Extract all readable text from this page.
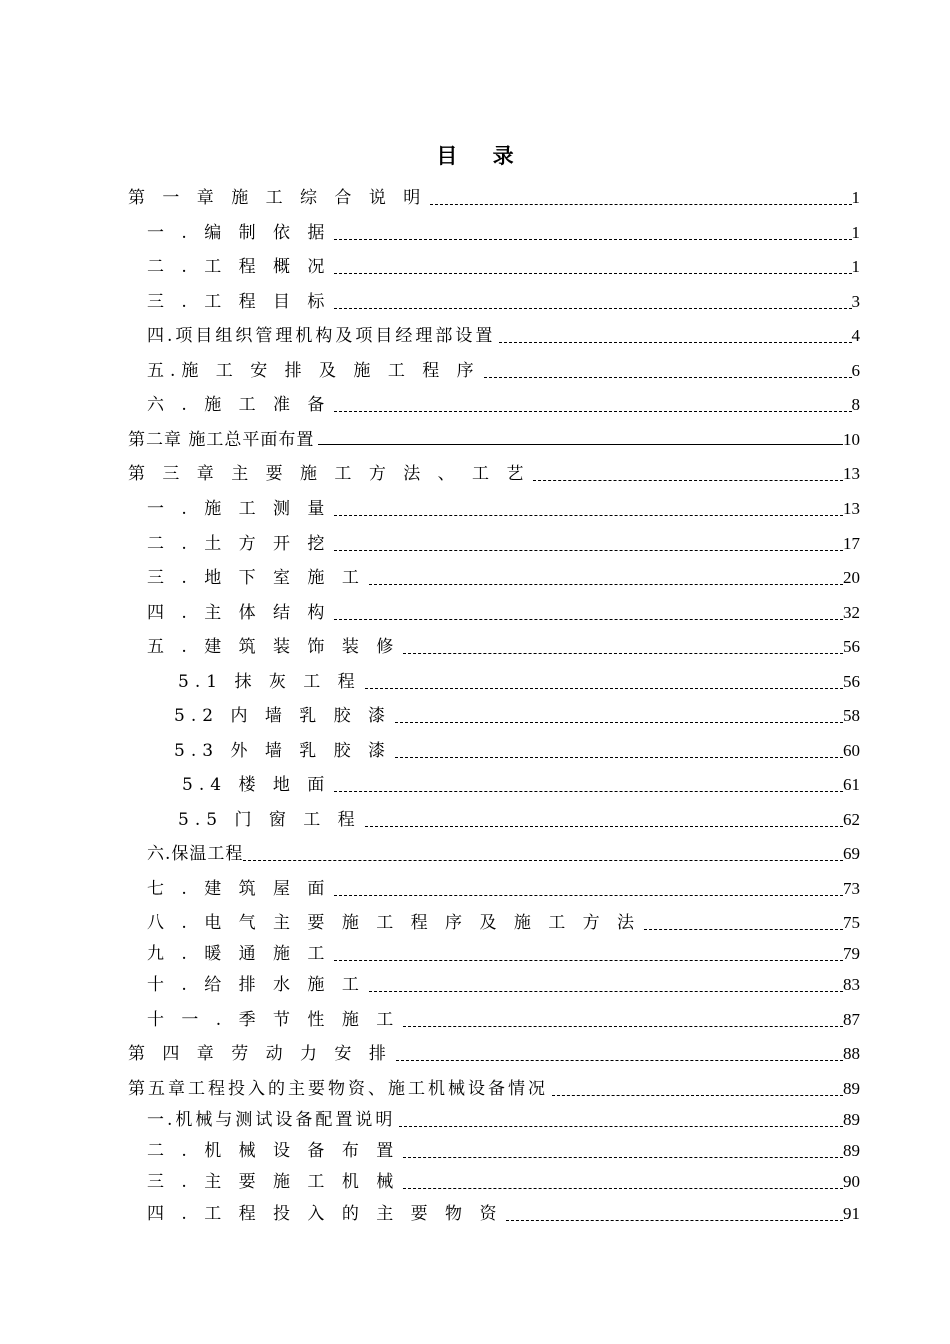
目 录
第 一 章 施 工 综 合 说 明	1
一 . 编 制 依 据	1
二 . 工 程 概 况	1
三 . 工 程 目 标	3
四.项目组织管理机构及项目经理部设置	4
五.施 工 安 排 及 施 工 程 序	6
六 . 施 工 准 备	8
第二章 施工总平面布置	10
第 三 章 主 要 施 工 方 法 、 工 艺	13
一 . 施 工 测 量	13
二 . 土 方 开 挖	17
三 . 地 下 室 施 工	20
四 . 主 体 结 构	32
五 . 建 筑 装 饰 装 修	56
5.1 抹 灰 工 程	56
5.2 内 墙 乳 胶 漆	58
5.3 外 墙 乳 胶 漆	60
5.4 楼 地 面	61
5.5 门 窗 工 程	62
六.保温工程	69
七 . 建 筑 屋 面	73
八 . 电 气 主 要 施 工 程 序 及 施 工 方 法	75
九 . 暖 通 施 工	79
十 . 给 排 水 施 工	83
十 一 . 季 节 性 施 工	87
第 四 章 劳 动 力 安 排	88
第五章工程投入的主要物资、施工机械设备情况	89
一.机械与测试设备配置说明	89
二 . 机 械 设 备 布 置	89
三 . 主 要 施 工 机 械	90
四 . 工 程 投 入 的 主 要 物 资	91
